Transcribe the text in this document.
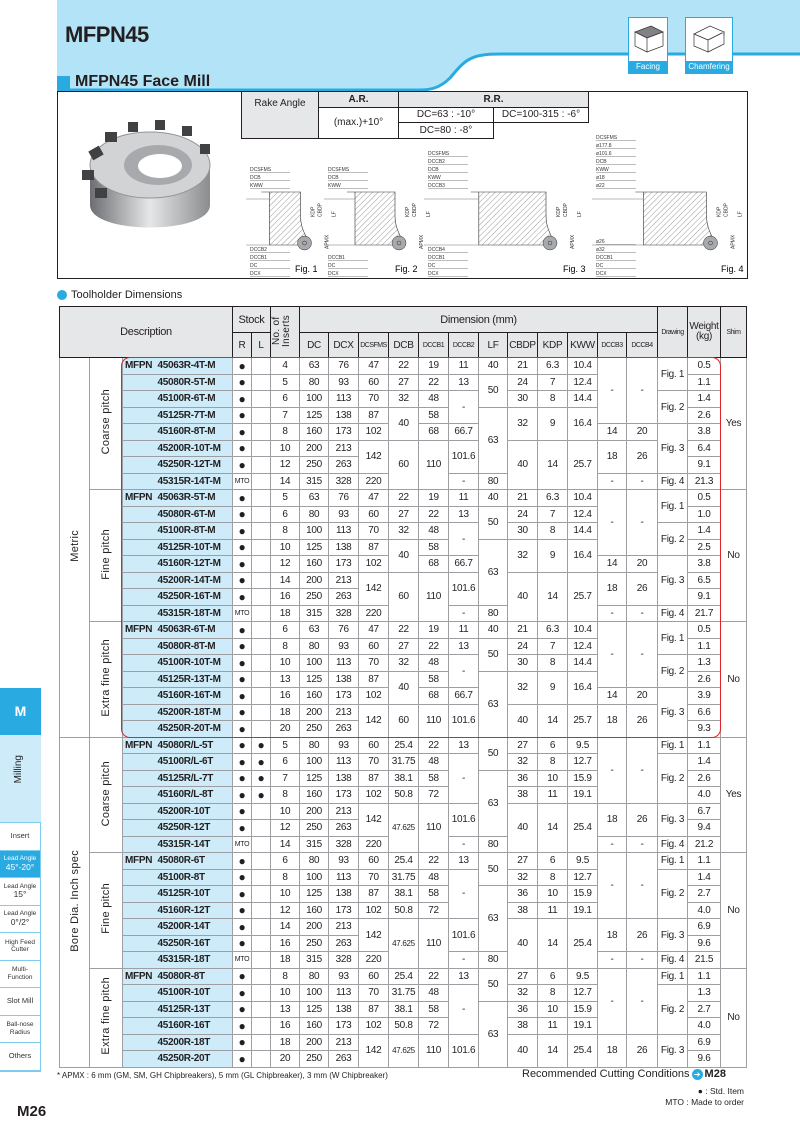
MFPN45
Facing	Chamfering
MFPN45 Face Mill
Rake Angle	A.R.	R.R.	
	(max.)+10°	DC=63 : -10°	DC=100-315 : -6°
		DC=80 : -8°	
DCSFMS
DCB
KWW
KDP CBDP
APMX
LF
DCCB2
DCCB1
DC
DCX	Fig. 1
DCSFMS
DCB
KWW
KDP CBDP
APMX
LF
DCCB1
DC
DCX	Fig. 2
DCSFMS
DCCB2
DCB
KWW
DCCB3
KDP CBDP
APMX
LF
DCCB4
DCCB1
DC
DCX	Fig. 3
DCSFMS
ø177.8
ø101.6
DCB
KWW
ø18
ø22
KDP CBDP
APMX
LF
ø26
ø32
DCCB1
DC
DCX	Fig. 4
Toolholder Dimensions
Description				Stock		No. of Inserts	Dimension (mm)												Drawing	Weight (kg)	Shim
				R	L		DC	DCX	DCSFMS	DCB	DCCB1	DCCB2	LF	CBDP	KDP	KWW	DCCB3	DCCB4			
Metric	Coarse pitch	MFPN	45063R-4T-M	●		4	63	76	47	22	19	11	40	21	6.3	10.4	-	-	Fig. 1	0.5	Yes
			45080R-5T-M	●		5	80	93	60	27	22	13	50	24	7	12.4				1.1	
			45100R-6T-M	●		6	100	113	70	32	48	-		30	8	14.4			Fig. 2	1.4	
			45125R-7T-M	●		7	125	138	87	40	58		63	32	9	16.4				2.6	
			45160R-8T-M	●		8	160	173	102		68	66.7					14	20	Fig. 3	3.8	
			45200R-10T-M	●		10	200	213	142	60	110	101.6		40	14	25.7	18	26		6.4	
			45250R-12T-M	●		12	250	263												9.1	
			45315R-14T-M	MTO		14	315	328	220			-	80				-	-	Fig. 4	21.3	
	Fine pitch	MFPN	45063R-5T-M	●		5	63	76	47	22	19	11	40	21	6.3	10.4	-	-	Fig. 1	0.5	No
			45080R-6T-M	●		6	80	93	60	27	22	13	50	24	7	12.4				1.0	
			45100R-8T-M	●		8	100	113	70	32	48	-		30	8	14.4			Fig. 2	1.4	
			45125R-10T-M	●		10	125	138	87	40	58		63	32	9	16.4				2.5	
			45160R-12T-M	●		12	160	173	102		68	66.7					14	20	Fig. 3	3.8	
			45200R-14T-M	●		14	200	213	142	60	110	101.6		40	14	25.7	18	26		6.5	
			45250R-16T-M	●		16	250	263												9.1	
			45315R-18T-M	MTO		18	315	328	220			-	80				-	-	Fig. 4	21.7	
	Extra fine pitch	MFPN	45063R-6T-M	●		6	63	76	47	22	19	11	40	21	6.3	10.4	-	-	Fig. 1	0.5	No
			45080R-8T-M	●		8	80	93	60	27	22	13	50	24	7	12.4				1.1	
			45100R-10T-M	●		10	100	113	70	32	48	-		30	8	14.4			Fig. 2	1.3	
			45125R-13T-M	●		13	125	138	87	40	58		63	32	9	16.4				2.6	
			45160R-16T-M	●		16	160	173	102		68	66.7					14	20	Fig. 3	3.9	
			45200R-18T-M	●		18	200	213	142	60	110	101.6		40	14	25.7	18	26		6.6	
			45250R-20T-M	●		20	250	263												9.3	
Bore Dia. Inch spec	Coarse pitch	MFPN	45080R/L-5T	●	●	5	80	93	60	25.4	22	13	50	27	6	9.5	-	-	Fig. 1	1.1	Yes
			45100R/L-6T	●	●	6	100	113	70	31.75	48	-		32	8	12.7			Fig. 2	1.4	
			45125R/L-7T	●	●	7	125	138	87	38.1	58		63	36	10	15.9				2.6	
			45160R/L-8T	●	●	8	160	173	102	50.8	72			38	11	19.1				4.0	
			45200R-10T	●		10	200	213	142	47.625	110	101.6		40	14	25.4	18	26	Fig. 3	6.7	
			45250R-12T	●		12	250	263												9.4	
			45315R-14T	MTO		14	315	328	220			-	80				-	-	Fig. 4	21.2	
	Fine pitch	MFPN	45080R-6T	●		6	80	93	60	25.4	22	13	50	27	6	9.5	-	-	Fig. 1	1.1	No
			45100R-8T	●		8	100	113	70	31.75	48	-		32	8	12.7			Fig. 2	1.4	
			45125R-10T	●		10	125	138	87	38.1	58		63	36	10	15.9				2.7	
			45160R-12T	●		12	160	173	102	50.8	72			38	11	19.1				4.0	
			45200R-14T	●		14	200	213	142	47.625	110	101.6		40	14	25.4	18	26	Fig. 3	6.9	
			45250R-16T	●		16	250	263												9.6	
			45315R-18T	MTO		18	315	328	220			-	80				-	-	Fig. 4	21.5	
	Extra fine pitch	MFPN	45080R-8T	●		8	80	93	60	25.4	22	13	50	27	6	9.5	-	-	Fig. 1	1.1	No
			45100R-10T	●		10	100	113	70	31.75	48	-		32	8	12.7			Fig. 2	1.3	
			45125R-13T	●		13	125	138	87	38.1	58		63	36	10	15.9				2.7	
			45160R-16T	●		16	160	173	102	50.8	72			38	11	19.1				4.0	
			45200R-18T	●		18	200	213	142	47.625	110	101.6		40	14	25.4	18	26	Fig. 3	6.9	
			45250R-20T	●		20	250	263												9.6	
M
Milling
Insert
Lead Angle
45°-20°
Lead Angle
15°
Lead Angle
0°/2°
High Feed
Cutter
Multi-
Function
Slot Mill
Ball-nose
Radius
Others
* APMX : 6 mm (GM, SM, GH Chipbreakers), 5 mm (GL Chipbreaker), 3 mm (W Chipbreaker)	Recommended Cutting Conditions ➔ M28
● : Std. Item
MTO : Made to order
M26
